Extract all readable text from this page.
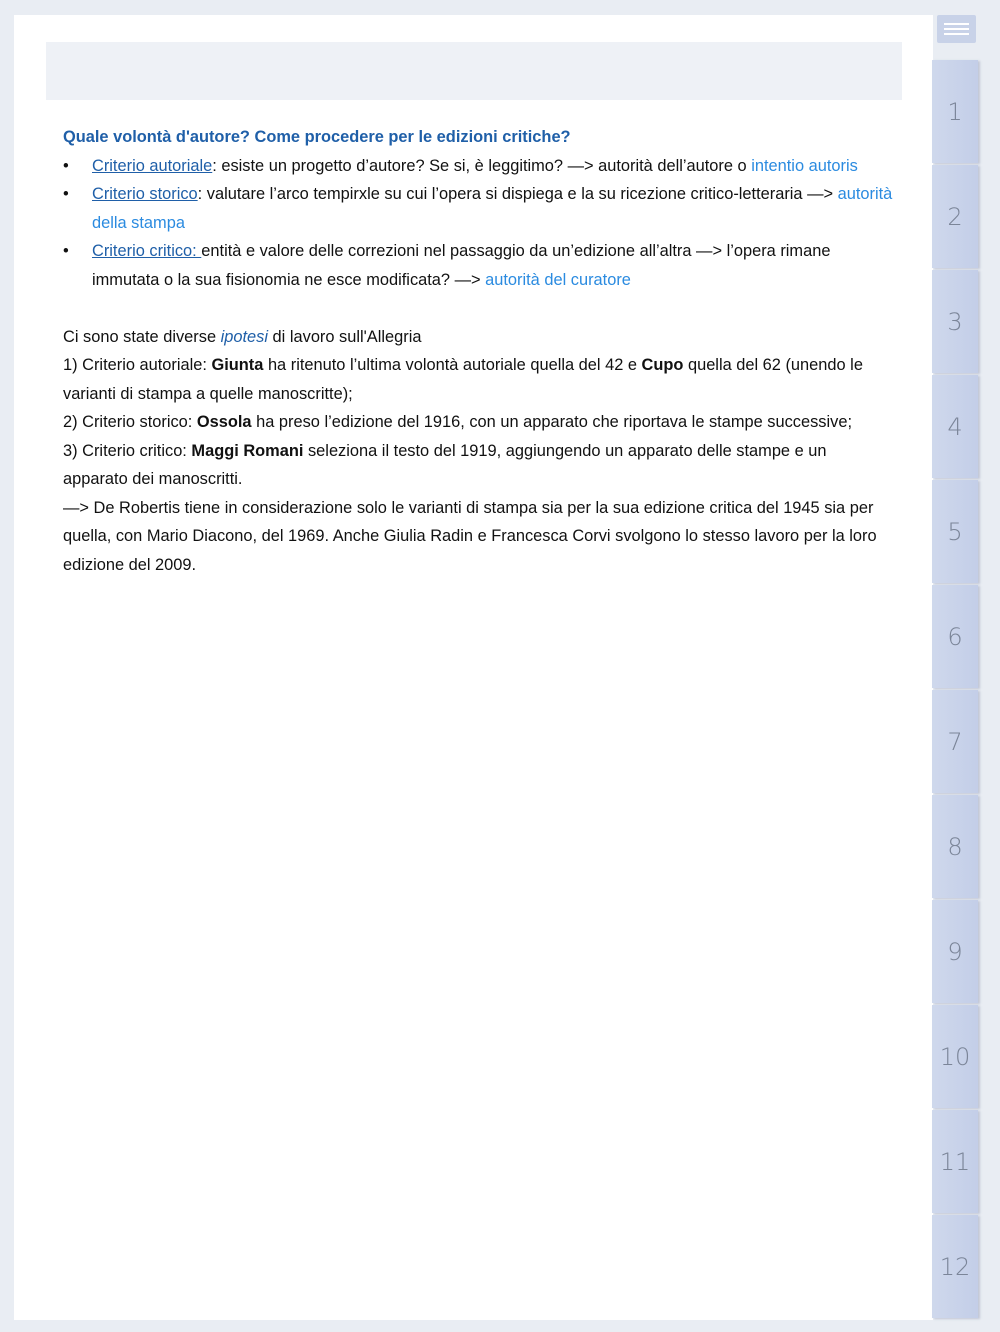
Quale volontà d'autore? Come procedere per le edizioni critiche?

• Criterio autoriale: esiste un progetto d’autore? Se si, è leggitimo? —> autorità dell’autore o intentio autoris
• Criterio storico: valutare l’arco tempirxle su cui l’opera si dispiega e la su ricezione critico-letteraria —> autorità della stampa
• Criterio critico: entità e valore delle correzioni nel passaggio da un’edizione all’altra —> l’opera rimane immutata o la sua fisionomia ne esce modificata? —> autorità del curatore

Ci sono state diverse ipotesi di lavoro sull'Allegria

1) Criterio autoriale: Giunta ha ritenuto l’ultima volontà autoriale quella del 42 e Cupo quella del 62 (unendo le varianti di stampa a quelle manoscritte);

2) Criterio storico: Ossola ha preso l’edizione del 1916, con un apparato che riportava le stampe successive;

3) Criterio critico: Maggi Romani seleziona il testo del 1919, aggiungendo un apparato delle stampe e un apparato dei manoscritti.

—> De Robertis tiene in considerazione solo le varianti di stampa sia per la sua edizione critica del 1945 sia per quella, con Mario Diacono, del 1969. Anche Giulia Radin e Francesca Corvi svolgono lo stesso lavoro per la loro edizione del 2009.

1
2
3
4
5
6
7
8
9
10
11
12
